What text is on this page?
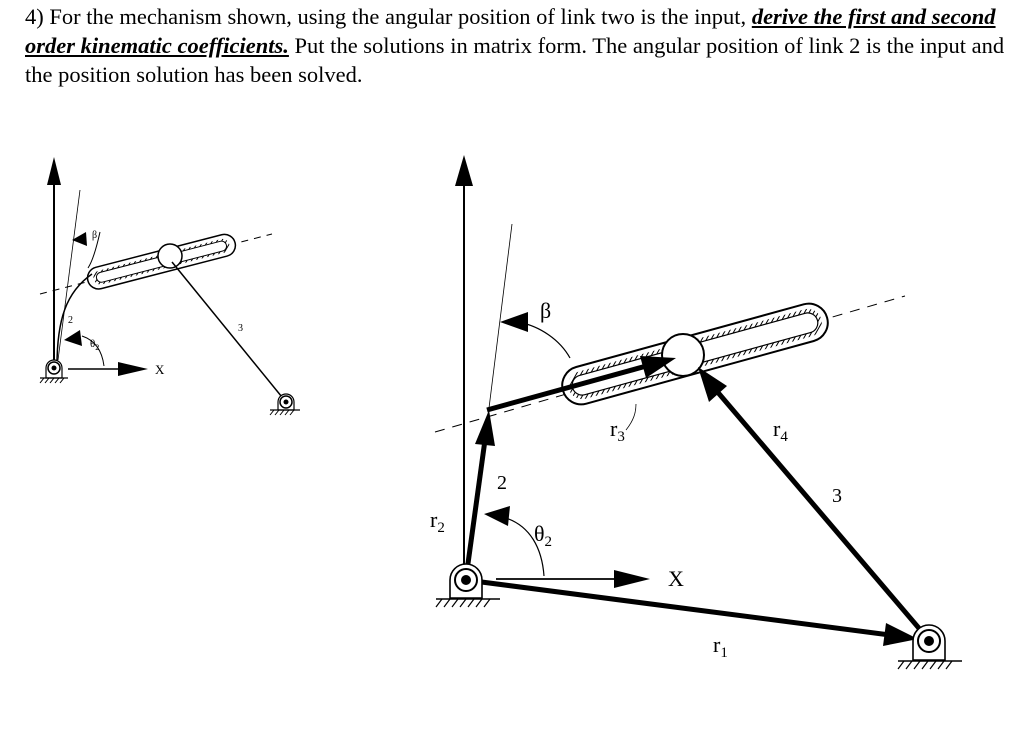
4) For the mechanism shown, using the angular position of link two is the input, derive the first and second order kinematic coefficients. Put the solutions in matrix form. The angular position of link 2 is the input and the position solution has been solved.

X
β
$\theta_2$
2
3
X
β
$\theta_2$
$r_3$	$r_4$
3
2
$r_2$
$r_1$
